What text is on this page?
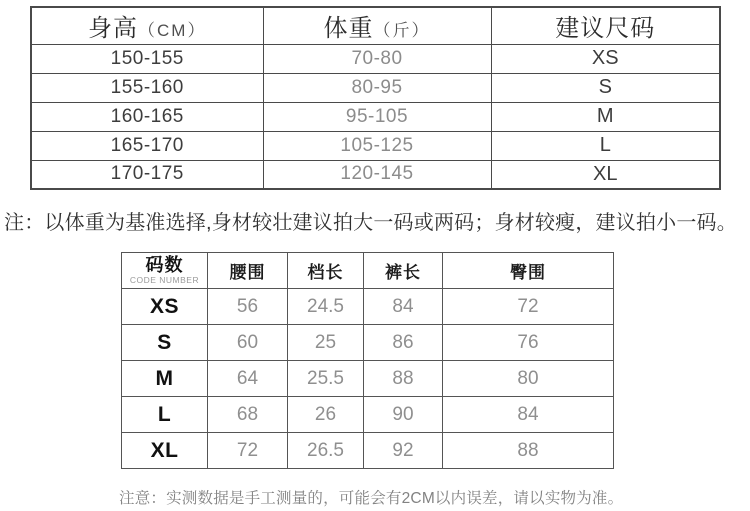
身高（CM）	体重（斤）	建议尺码
150-155	70-80	XS
155-160	80-95	S
160-165	95-105	M
165-170	105-125	L
170-175	120-145	XL
注：以体重为基准选择,身材较壮建议拍大一码或两码；身材较瘦，建议拍小一码。
码数
CODE NUMBER	腰围	档长	裤长	臀围
XS	56	24.5	84	72
S	60	25	86	76
M	64	25.5	88	80
L	68	26	90	84
XL	72	26.5	92	88
注意：实测数据是手工测量的，可能会有2CM以内误差，请以实物为准。
